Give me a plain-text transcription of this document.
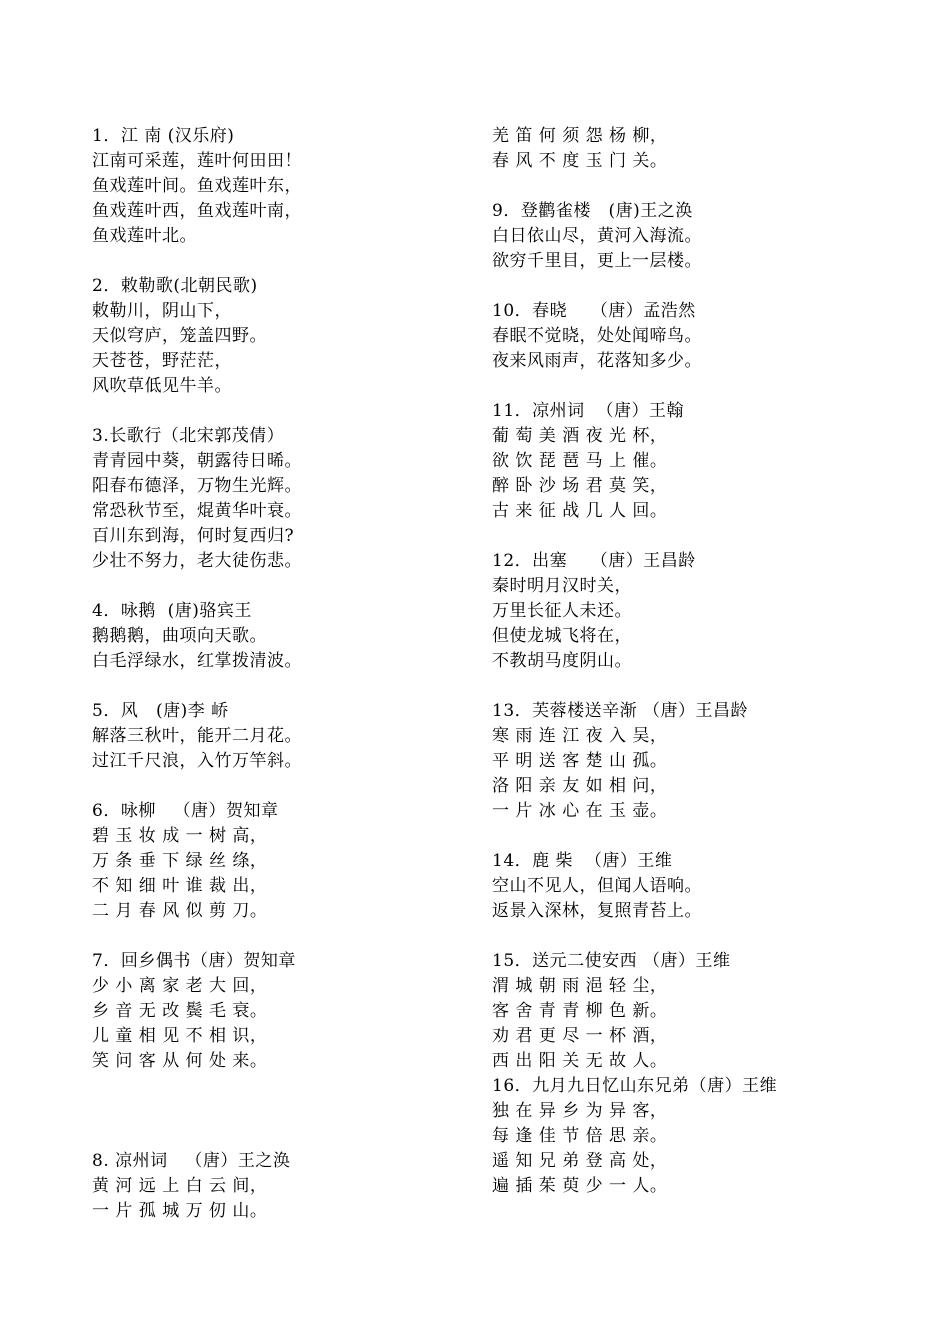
1．江 南 (汉乐府)
江南可采莲，莲叶何田田！
鱼戏莲叶间。鱼戏莲叶东，
鱼戏莲叶西，鱼戏莲叶南，
鱼戏莲叶北。
2．敕勒歌(北朝民歌)
敕勒川，阴山下，
天似穹庐，笼盖四野。
天苍苍，野茫茫，
风吹草低见牛羊。
3.长歌行（北宋郭茂倩）
青青园中葵，朝露待日晞。
阳春布德泽，万物生光辉。
常恐秋节至，焜黄华叶衰。
百川东到海，何时复西归?
少壮不努力，老大徒伤悲。
4．咏鹅  (唐)骆宾王
鹅鹅鹅，曲项向天歌。
白毛浮绿水，红掌拨清波。
5．风   (唐)李 峤
解落三秋叶，能开二月花。
过江千尺浪，入竹万竿斜。
6．咏柳   （唐）贺知章
碧 玉 妆 成 一 树 高，
万 条 垂 下 绿 丝 绦，
不 知 细 叶 谁 裁 出，
二 月 春 风 似 剪 刀。
7．回乡偶书（唐）贺知章
少 小 离 家 老 大 回，
乡 音 无 改 鬓 毛 衰。
儿 童 相 见 不 相 识，
笑 问 客 从 何 处 来。
8. 凉州词   （唐）王之涣
黄 河 远 上 白 云 间，
一 片 孤 城 万 仞 山。
羌 笛 何 须 怨 杨 柳，
春 风 不 度 玉 门 关。
9．登鹳雀楼   (唐)王之涣
白日依山尽，黄河入海流。
欲穷千里目，更上一层楼。
10．春晓    （唐）孟浩然
春眠不觉晓，处处闻啼鸟。
夜来风雨声，花落知多少。
11．凉州词  （唐）王翰
葡 萄 美 酒 夜 光 杯，
欲 饮 琵 琶 马 上 催。
醉 卧 沙 场 君 莫 笑，
古 来 征 战 几 人 回。
12．出塞    （唐）王昌龄
秦时明月汉时关，
万里长征人未还。
但使龙城飞将在，
不教胡马度阴山。
13．芙蓉楼送辛渐 （唐）王昌龄
寒 雨 连 江 夜 入 吴，
平 明 送 客 楚 山 孤。
洛 阳 亲 友 如 相 问，
一 片 冰 心 在 玉 壶。
14．鹿 柴  （唐）王维
空山不见人，但闻人语响。
返景入深林，复照青苔上。
15．送元二使安西 （唐）王维
渭 城 朝 雨 浥 轻 尘，
客 舍 青 青 柳 色 新。
劝 君 更 尽 一 杯 酒，
西 出 阳 关 无 故 人。
16．九月九日忆山东兄弟（唐）王维
独 在 异 乡 为 异 客，
每 逢 佳 节 倍 思 亲。
遥 知 兄 弟 登 高 处，
遍 插 茱 萸 少 一 人。
